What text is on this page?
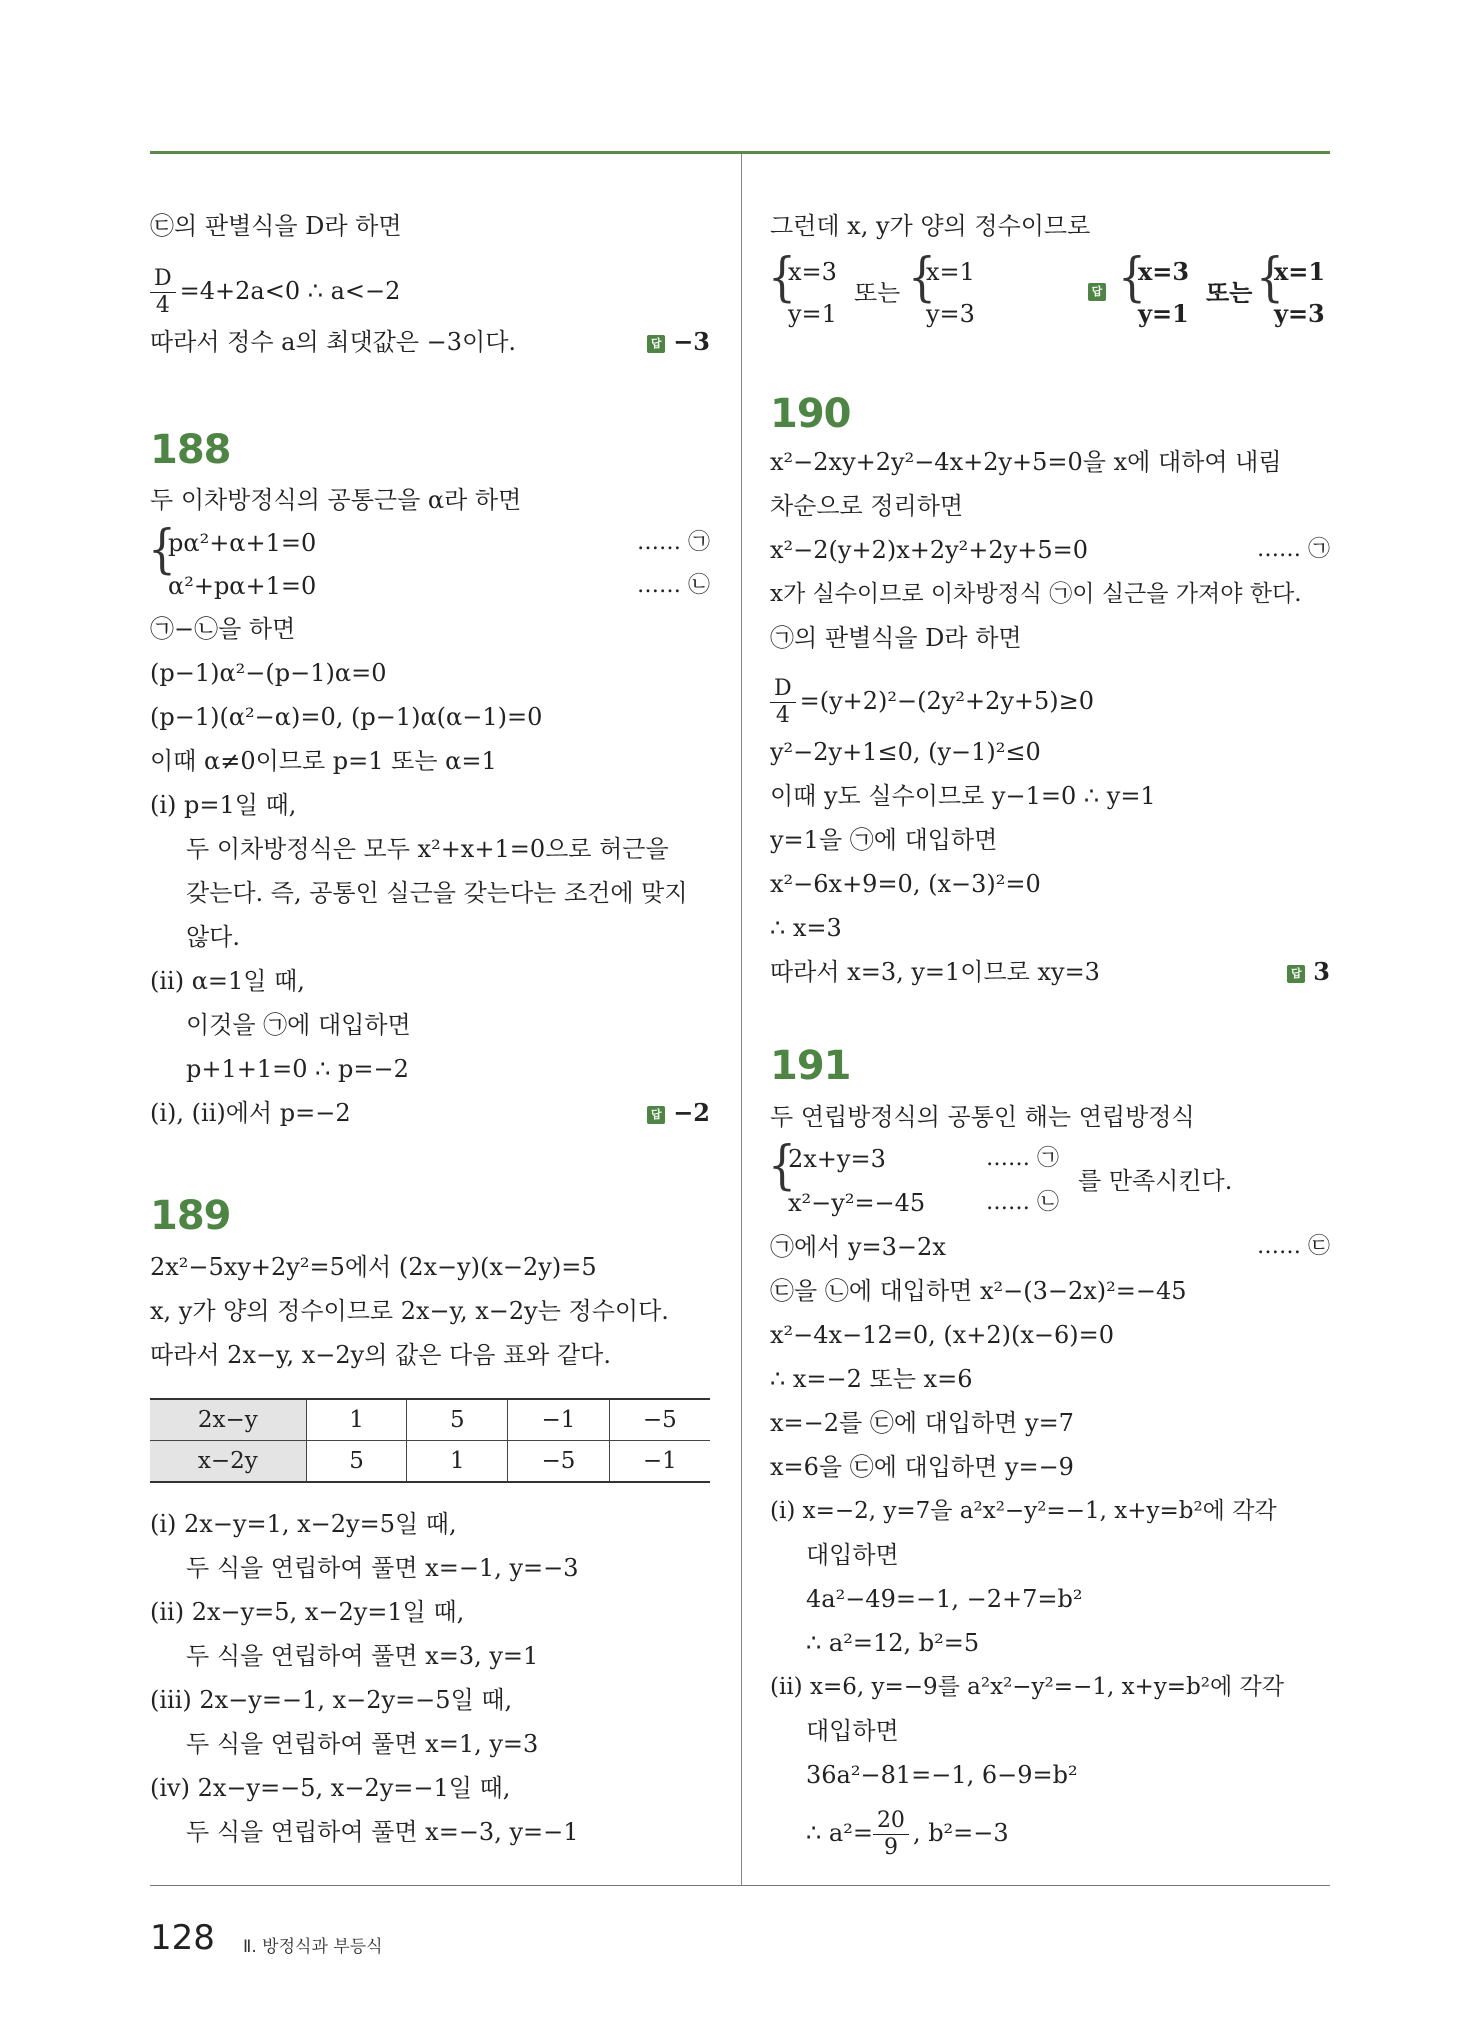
㉢의 판별식을 D라 하면
$\frac{D}{4} =4+2a<0$ ∴ a<−2
따라서 정수 a의 최댓값은 −3이다.	답 −3
188
두 이차방정식의 공통근을 α라 하면
{
pα²+α+1=0	…… ㉠
α²+pα+1=0	…… ㉡
㉠−㉡을 하면
(p−1)α²−(p−1)α=0
(p−1)(α²−α)=0, (p−1)α(α−1)=0
이때 α≠0이므로 p=1 또는 α=1
(i) p=1일 때,
두 이차방정식은 모두 x²+x+1=0으로 허근을
갖는다. 즉, 공통인 실근을 갖는다는 조건에 맞지
않다.
(ii) α=1일 때,
이것을 ㉠에 대입하면
p+1+1=0 ∴ p=−2
(i), (ii)에서 p=−2	답 −2
189
2x²−5xy+2y²=5에서 (2x−y)(x−2y)=5
x, y가 양의 정수이므로 2x−y, x−2y는 정수이다.
따라서 2x−y, x−2y의 값은 다음 표와 같다.
2x−y	1	5	−1	−5
x−2y	5	1	−5	−1
(i) 2x−y=1, x−2y=5일 때,
두 식을 연립하여 풀면 x=−1, y=−3
(ii) 2x−y=5, x−2y=1일 때,
두 식을 연립하여 풀면 x=3, y=1
(iii) 2x−y=−1, x−2y=−5일 때,
두 식을 연립하여 풀면 x=1, y=3
(iv) 2x−y=−5, x−2y=−1일 때,
두 식을 연립하여 풀면 x=−3, y=−1
그런데 x, y가 양의 정수이므로
{
x=3
y=1
또는 {
x=1
y=3
답 {
x=3
y=1
또는 {
x=1
y=3
190
x²−2xy+2y²−4x+2y+5=0을 x에 대하여 내림
차순으로 정리하면
x²−2(y+2)x+2y²+2y+5=0	…… ㉠
x가 실수이므로 이차방정식 ㉠이 실근을 가져야 한다.
㉠의 판별식을 D라 하면
$\frac{D}{4} =(y+2)^2-(2y^2+2y+5)\ge 0$
y²−2y+1≤0, (y−1)²≤0
이때 y도 실수이므로 y−1=0 ∴ y=1
y=1을 ㉠에 대입하면
x²−6x+9=0, (x−3)²=0
∴ x=3
따라서 x=3, y=1이므로 xy=3	답 3
191
두 연립방정식의 공통인 해는 연립방정식
{
2x+y=3	…… ㉠
x²−y²=−45	…… ㉡
를 만족시킨다.
㉠에서 y=3−2x	…… ㉢
㉢을 ㉡에 대입하면 x²−(3−2x)²=−45
x²−4x−12=0, (x+2)(x−6)=0
∴ x=−2 또는 x=6
x=−2를 ㉢에 대입하면 y=7
x=6을 ㉢에 대입하면 y=−9
(i) x=−2, y=7을 a²x²−y²=−1, x+y=b²에 각각
대입하면
4a²−49=−1, −2+7=b²
∴ a²=12, b²=5
(ii) x=6, y=−9를 a²x²−y²=−1, x+y=b²에 각각
대입하면
36a²−81=−1, 6−9=b²
∴ $a^2= \frac{20}{9}$ , b²=−3
128 Ⅱ. 방정식과 부등식
